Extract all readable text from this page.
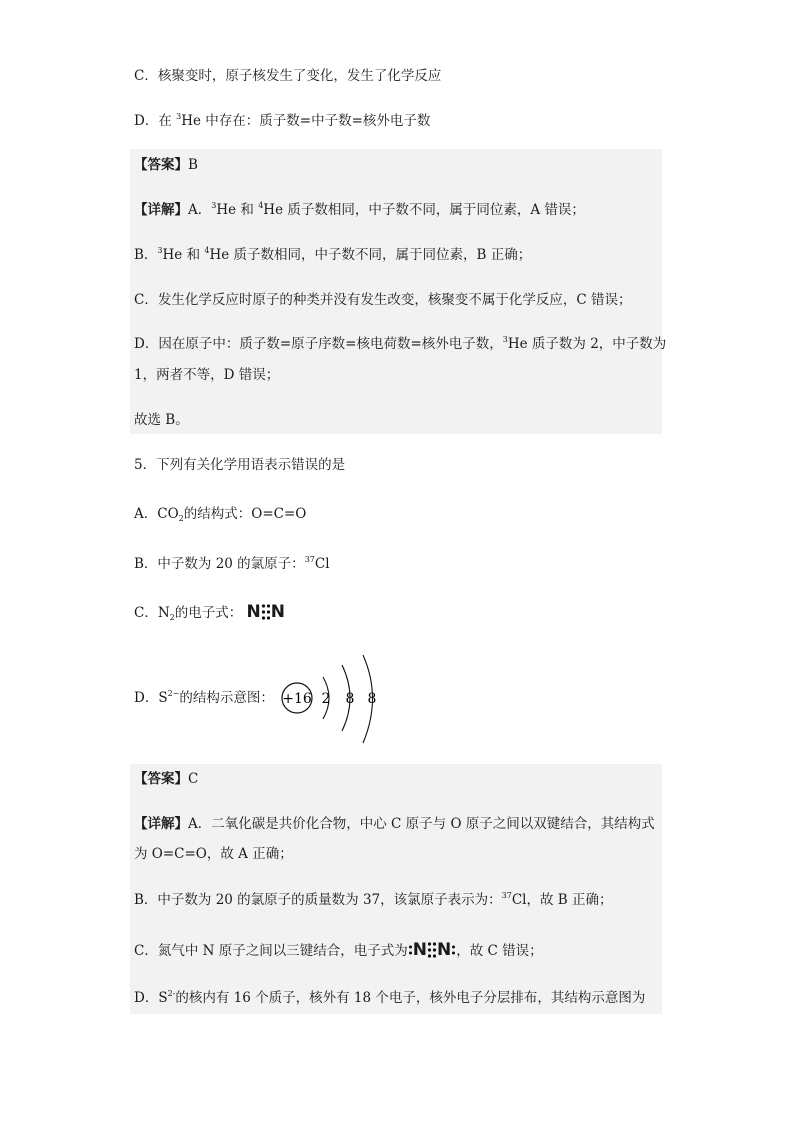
C．核聚变时，原子核发生了变化，发生了化学反应
D．在 $^3$He 中存在：质子数=中子数=核外电子数
【答案】B
【详解】A．$^3$He 和 $^4$He 质子数相同，中子数不同，属于同位素，A 错误；
B．$^3$He 和 $^4$He 质子数相同，中子数不同，属于同位素，B 正确；
C．发生化学反应时原子的种类并没有发生改变，核聚变不属于化学反应，C 错误；
D．因在原子中：质子数=原子序数=核电荷数=核外电子数，$^3$He 质子数为 2，中子数为
1，两者不等，D 错误；
故选 B。
5．下列有关化学用语表示错误的是
A．$CO_2$的结构式：O=C=O
B．中子数为 20 的氯原子：$^{37}$Cl
C．$N_2$的电子式： N N
D．$S^{2-}$的结构示意图： +16 2 8 8
【答案】C
【详解】A．二氧化碳是共价化合物，中心 C 原子与 O 原子之间以双键结合，其结构式
为 O=C=O，故 A 正确；
B．中子数为 20 的氯原子的质量数为 37，该氯原子表示为：$^{37}$Cl，故 B 正确；
C．氮气中 N 原子之间以三键结合，电子式为 N N ，故 C 错误；
D．$S^{2-}$的核内有 16 个质子，核外有 18 个电子，核外电子分层排布，其结构示意图为
